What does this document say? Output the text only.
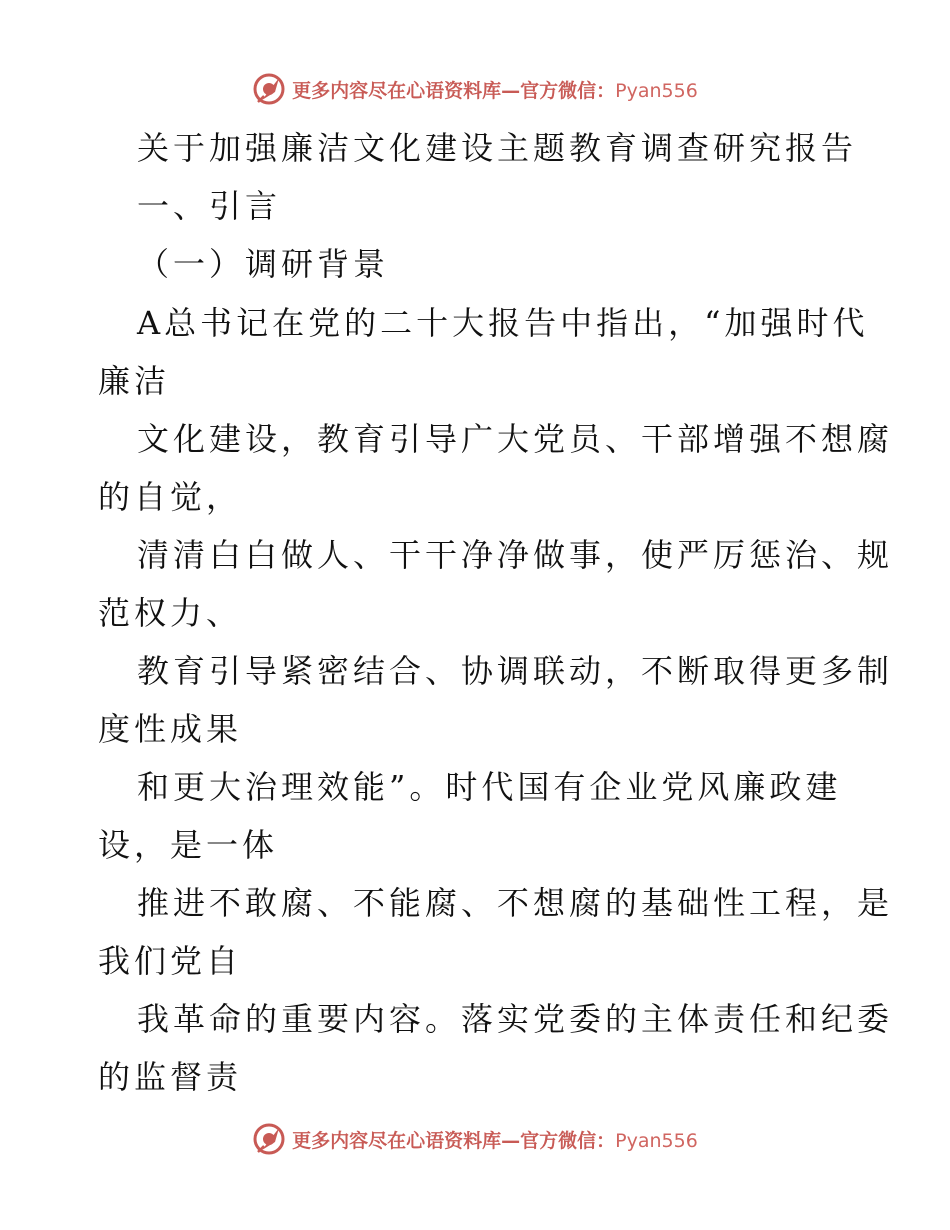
更多内容尽在心语资料库—官方微信：Pyan556
关于加强廉洁文化建设主题教育调查研究报告
一、引言
（一）调研背景
A总书记在党的二十大报告中指出，“加强时代
廉洁
文化建设，教育引导广大党员、干部增强不想腐
的自觉，
清清白白做人、干干净净做事，使严厉惩治、规
范权力、
教育引导紧密结合、协调联动，不断取得更多制
度性成果
和更大治理效能”。时代国有企业党风廉政建
设，是一体
推进不敢腐、不能腐、不想腐的基础性工程，是
我们党自
我革命的重要内容。落实党委的主体责任和纪委
的监督责
更多内容尽在心语资料库—官方微信：Pyan556
